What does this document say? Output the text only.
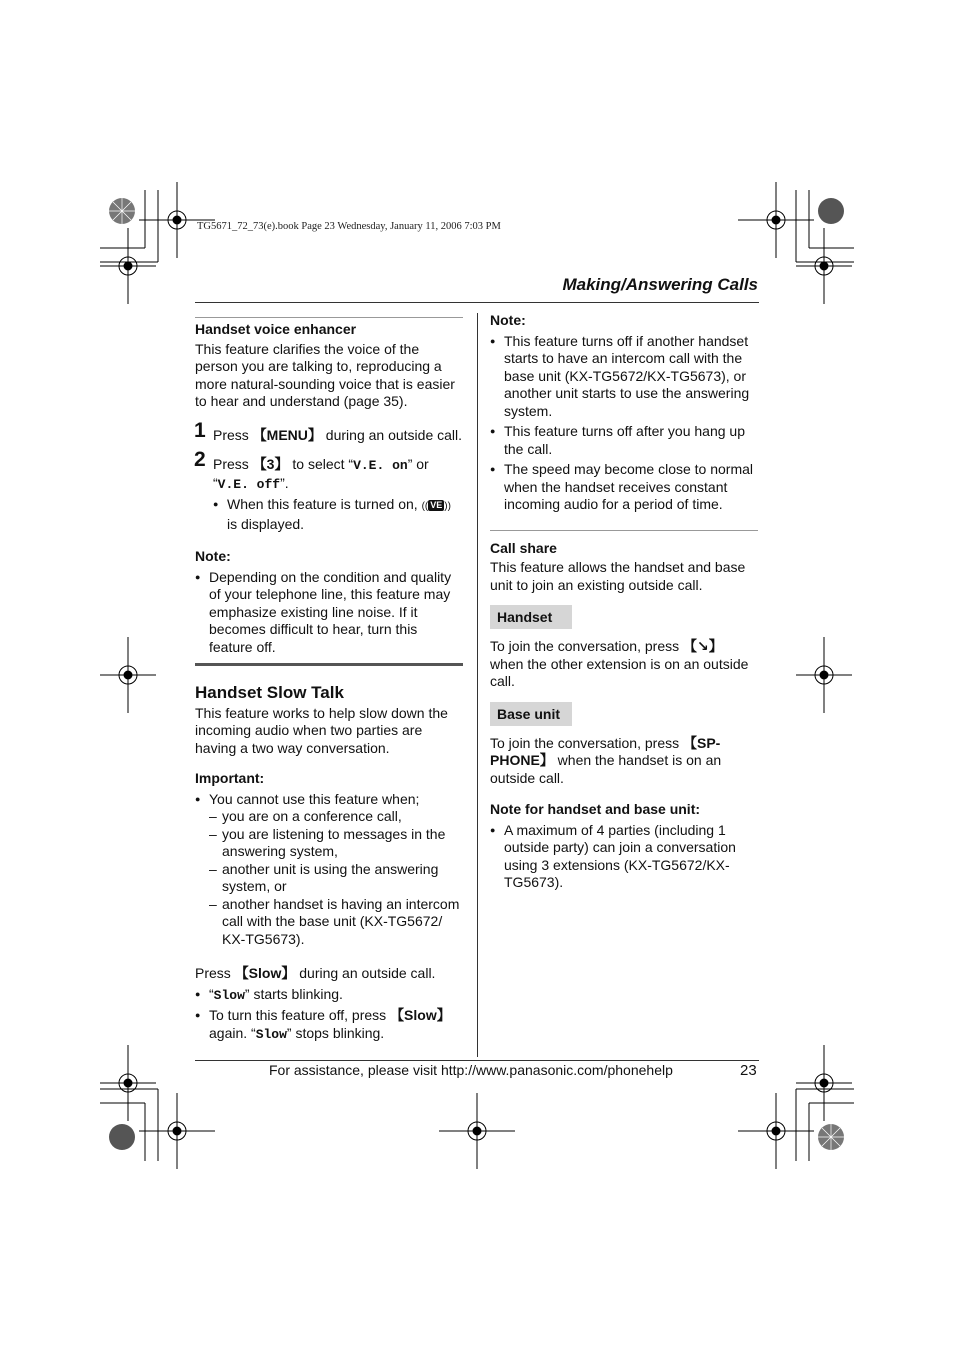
TG5671_72_73(e).book Page 23 Wednesday, January 11, 2006 7:03 PM
Making/Answering Calls

Handset voice enhancer

This feature clarifies the voice of the person you are talking to, reproducing a more natural-sounding voice that is easier to hear and understand (page 35).

1 Press 【MENU】 during an outside call.
2 Press 【3】 to select “V.E. on” or “V.E. off”.

● When this feature is turned on, (( VE ))
is displayed.

Note:

● Depending on the condition and quality of your telephone line, this feature may emphasize existing line noise. If it becomes difficult to hear, turn this feature off.

Handset Slow Talk

This feature works to help slow down the incoming audio when two parties are having a two way conversation.

Important:

● You cannot use this feature when;

– you are on a conference call,

– you are listening to messages in the answering system,

– another unit is using the answering system, or

– another handset is having an intercom call with the base unit (KX-TG5672/ KX-TG5673).

Press 【Slow】 during an outside call.

● “Slow” starts blinking.

● To turn this feature off, press 【Slow】 again. “Slow” stops blinking.

Note:

● This feature turns off if another handset starts to have an intercom call with the base unit (KX-TG5672/KX-TG5673), or another unit starts to use the answering system.

● This feature turns off after you hang up the call.

● The speed may become close to normal when the handset receives constant incoming audio for a period of time.

Call share

This feature allows the handset and base unit to join an existing outside call.

Handset

To join the conversation, press 【↘】 when the other extension is on an outside call.

Base unit

To join the conversation, press 【SP-PHONE】 when the handset is on an outside call.

Note for handset and base unit:

● A maximum of 4 parties (including 1 outside party) can join a conversation using 3 extensions (KX-TG5672/KX-TG5673).

For assistance, please visit http://www.panasonic.com/phonehelp	23
